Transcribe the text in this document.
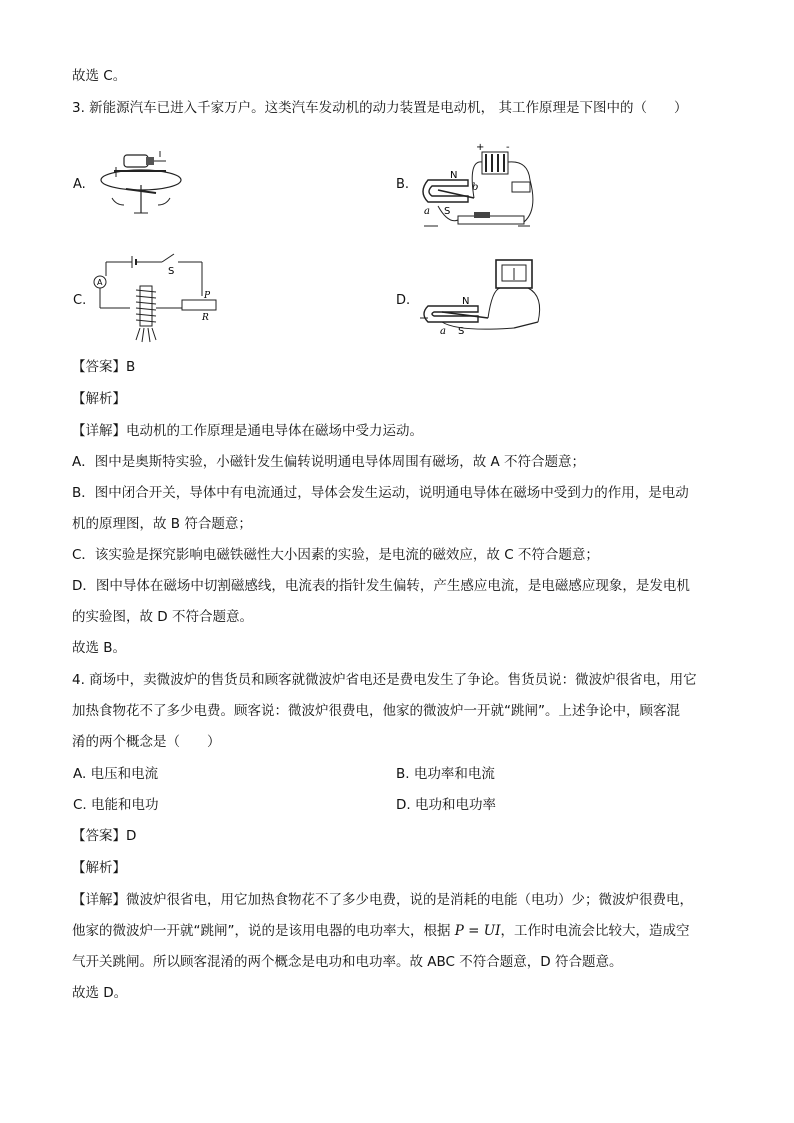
故选 C。
3. 新能源汽车已进入千家万户。这类汽车发动机的动力装置是电动机， 其工作原理是下图中的（　　）
A.	B.
+ -
N
b
a S
C.
S
A
P
R
D.	N
a S
【答案】B
【解析】
【详解】电动机的工作原理是通电导体在磁场中受力运动。
A．图中是奥斯特实验，小磁针发生偏转说明通电导体周围有磁场，故 A 不符合题意；
B．图中闭合开关，导体中有电流通过，导体会发生运动，说明通电导体在磁场中受到力的作用，是电动
机的原理图，故 B 符合题意；
C．该实验是探究影响电磁铁磁性大小因素的实验，是电流的磁效应，故 C 不符合题意；
D．图中导体在磁场中切割磁感线，电流表的指针发生偏转，产生感应电流，是电磁感应现象，是发电机
的实验图，故 D 不符合题意。
故选 B。
4. 商场中，卖微波炉的售货员和顾客就微波炉省电还是费电发生了争论。售货员说：微波炉很省电，用它
加热食物花不了多少电费。顾客说：微波炉很费电，他家的微波炉一开就“跳闸”。上述争论中，顾客混
淆的两个概念是（　　）
A. 电压和电流	B. 电功率和电流
C. 电能和电功	D. 电功和电功率
【答案】D
【解析】
【详解】微波炉很省电，用它加热食物花不了多少电费，说的是消耗的电能（电功）少；微波炉很费电，
他家的微波炉一开就“跳闸”，说的是该用电器的电功率大，根据 P = UI，工作时电流会比较大，造成空
气开关跳闸。所以顾客混淆的两个概念是电功和电功率。故 ABC 不符合题意，D 符合题意。
故选 D。
